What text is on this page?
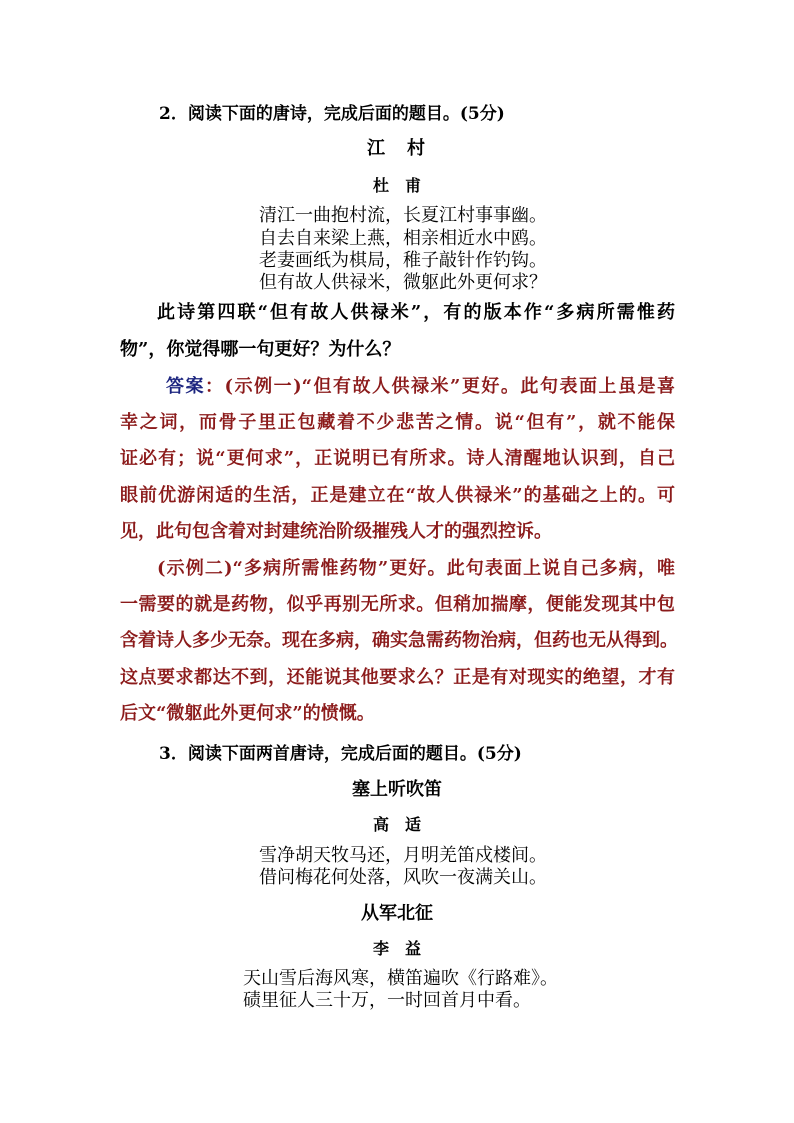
2．阅读下面的唐诗，完成后面的题目。(5分)
江　村
杜　甫
清江一曲抱村流，长夏江村事事幽。
自去自来梁上燕，相亲相近水中鸥。
老妻画纸为棋局，稚子敲针作钓钩。
但有故人供禄米，微躯此外更何求？
此诗第四联“但有故人供禄米”，有的版本作“多病所需惟药
物”，你觉得哪一句更好？为什么？
答案：(示例一)“但有故人供禄米”更好。此句表面上虽是喜
幸之词，而骨子里正包藏着不少悲苦之情。说“但有”，就不能保
证必有；说“更何求”，正说明已有所求。诗人清醒地认识到，自己
眼前优游闲适的生活，正是建立在“故人供禄米”的基础之上的。可
见，此句包含着对封建统治阶级摧残人才的强烈控诉。
(示例二)“多病所需惟药物”更好。此句表面上说自己多病，唯
一需要的就是药物，似乎再别无所求。但稍加揣摩，便能发现其中包
含着诗人多少无奈。现在多病，确实急需药物治病，但药也无从得到。
这点要求都达不到，还能说其他要求么？正是有对现实的绝望，才有
后文“微躯此外更何求”的愤慨。
3．阅读下面两首唐诗，完成后面的题目。(5分)
塞上听吹笛
高　适
雪净胡天牧马还，月明羌笛戍楼间。
借问梅花何处落，风吹一夜满关山。
从军北征
李　益
天山雪后海风寒，横笛遍吹《行路难》。
碛里征人三十万，一时回首月中看。
